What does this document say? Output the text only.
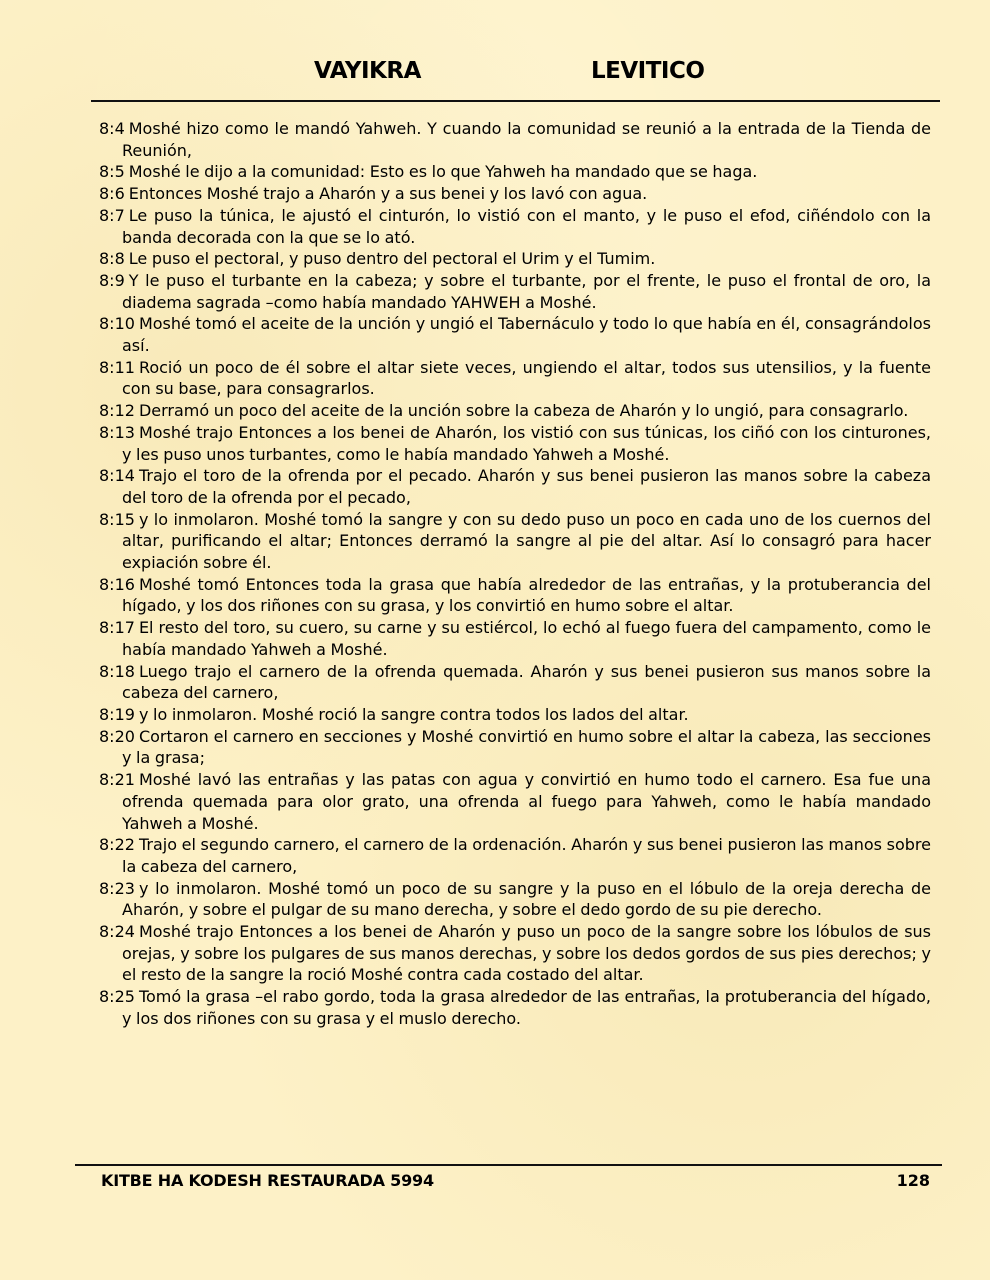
VAYIKRA	LEVITICO

8:4 Moshé hizo como le mandó Yahweh. Y cuando la comunidad se reunió a la entrada de la Tienda de Reunión,

8:5 Moshé le dijo a la comunidad: Esto es lo que Yahweh ha mandado que se haga.

8:6 Entonces Moshé trajo a Aharón y a sus benei y los lavó con agua.

8:7 Le puso la túnica, le ajustó el cinturón, lo vistió con el manto, y le puso el efod, ciñéndolo con la banda decorada con la que se lo ató.

8:8 Le puso el pectoral, y puso dentro del pectoral el Urim y el Tumim.

8:9 Y le puso el turbante en la cabeza; y sobre el turbante, por el frente, le puso el frontal de oro, la diadema sagrada –como había mandado YAHWEH a Moshé.

8:10 Moshé tomó el aceite de la unción y ungió el Tabernáculo y todo lo que había en él, consagrándolos así.

8:11 Roció un poco de él sobre el altar siete veces, ungiendo el altar, todos sus utensilios, y la fuente con su base, para consagrarlos.

8:12 Derramó un poco del aceite de la unción sobre la cabeza de Aharón y lo ungió, para consagrarlo.

8:13 Moshé trajo Entonces a los benei de Aharón, los vistió con sus túnicas, los ciñó con los cinturones, y les puso unos turbantes, como le había mandado Yahweh a Moshé.

8:14 Trajo el toro de la ofrenda por el pecado. Aharón y sus benei pusieron las manos sobre la cabeza del toro de la ofrenda por el pecado,

8:15 y lo inmolaron. Moshé tomó la sangre y con su dedo puso un poco en cada uno de los cuernos del altar, purificando el altar; Entonces derramó la sangre al pie del altar. Así lo consagró para hacer expiación sobre él.

8:16 Moshé tomó Entonces toda la grasa que había alrededor de las entrañas, y la protuberancia del hígado, y los dos riñones con su grasa, y los convirtió en humo sobre el altar.

8:17 El resto del toro, su cuero, su carne y su estiércol, lo echó al fuego fuera del campamento, como le había mandado Yahweh a Moshé.

8:18 Luego trajo el carnero de la ofrenda quemada. Aharón y sus benei pusieron sus manos sobre la cabeza del carnero,

8:19 y lo inmolaron. Moshé roció la sangre contra todos los lados del altar.

8:20 Cortaron el carnero en secciones y Moshé convirtió en humo sobre el altar la cabeza, las secciones y la grasa;

8:21 Moshé lavó las entrañas y las patas con agua y convirtió en humo todo el carnero. Esa fue una ofrenda quemada para olor grato, una ofrenda al fuego para Yahweh, como le había mandado Yahweh a Moshé.

8:22 Trajo el segundo carnero, el carnero de la ordenación. Aharón y sus benei pusieron las manos sobre la cabeza del carnero,

8:23 y lo inmolaron. Moshé tomó un poco de su sangre y la puso en el lóbulo de la oreja derecha de Aharón, y sobre el pulgar de su mano derecha, y sobre el dedo gordo de su pie derecho.

8:24 Moshé trajo Entonces a los benei de Aharón y puso un poco de la sangre sobre los lóbulos de sus orejas, y sobre los pulgares de sus manos derechas, y sobre los dedos gordos de sus pies derechos; y el resto de la sangre la roció Moshé contra cada costado del altar.

8:25 Tomó la grasa –el rabo gordo, toda la grasa alrededor de las entrañas, la protuberancia del hígado, y los dos riñones con su grasa y el muslo derecho.

KITBE HA KODESH RESTAURADA 5994	128
